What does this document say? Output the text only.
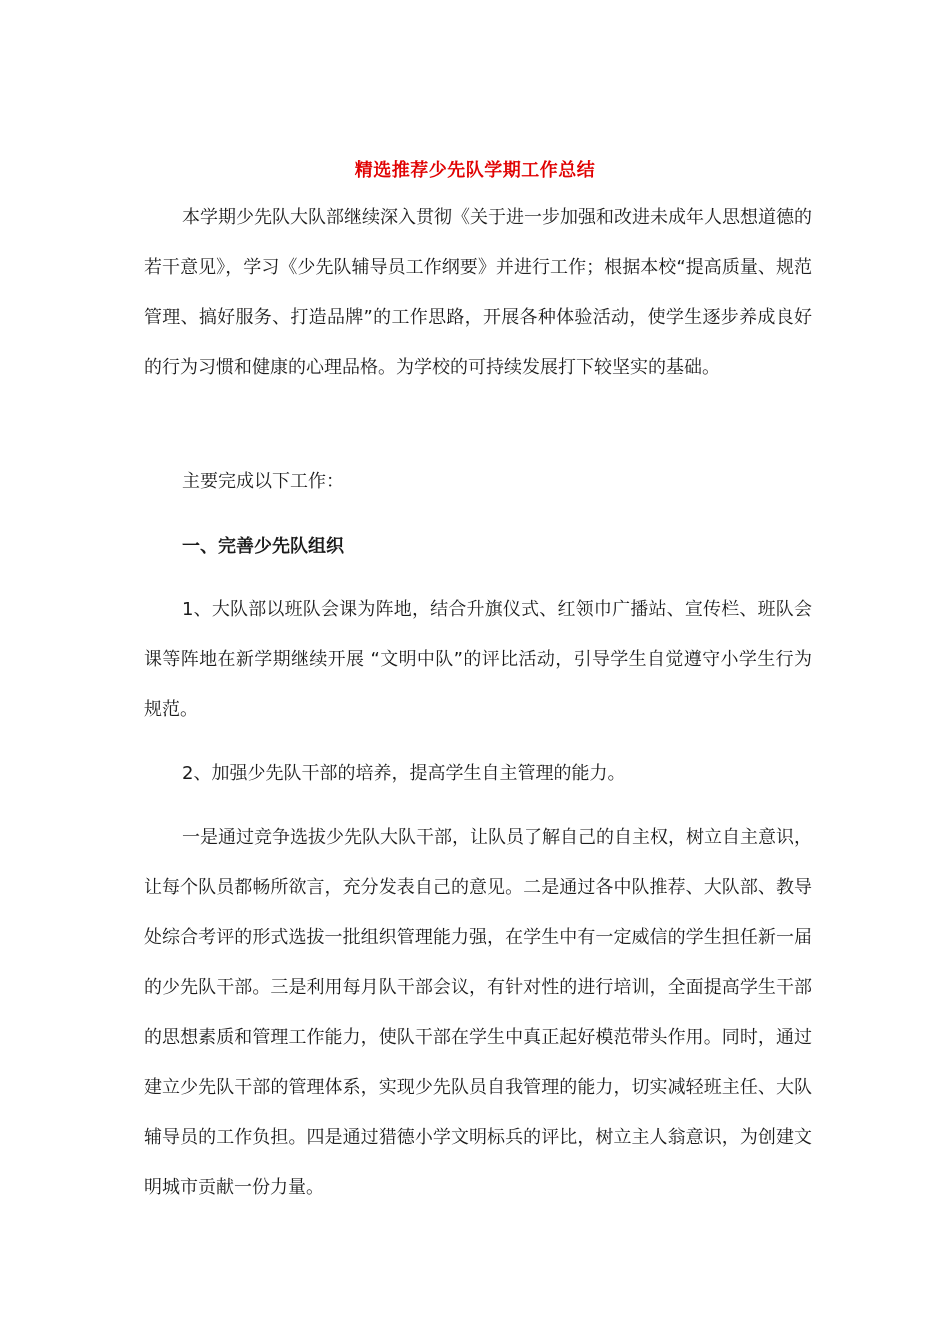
精选推荐少先队学期工作总结

本学期少先队大队部继续深入贯彻《关于进一步加强和改进未成年人思想道德的若干意见》，学习《少先队辅导员工作纲要》并进行工作；根据本校“提高质量、规范管理、搞好服务、打造品牌”的工作思路，开展各种体验活动，使学生逐步养成良好的行为习惯和健康的心理品格。为学校的可持续发展打下较坚实的基础。

主要完成以下工作：

一、完善少先队组织

1、大队部以班队会课为阵地，结合升旗仪式、红领巾广播站、宣传栏、班队会课等阵地在新学期继续开展 “文明中队”的评比活动，引导学生自觉遵守小学生行为规范。

2、加强少先队干部的培养，提高学生自主管理的能力。

一是通过竞争选拔少先队大队干部，让队员了解自己的自主权，树立自主意识，让每个队员都畅所欲言，充分发表自己的意见。二是通过各中队推荐、大队部、教导处综合考评的形式选拔一批组织管理能力强，在学生中有一定威信的学生担任新一届的少先队干部。三是利用每月队干部会议，有针对性的进行培训，全面提高学生干部的思想素质和管理工作能力，使队干部在学生中真正起好模范带头作用。同时，通过建立少先队干部的管理体系，实现少先队员自我管理的能力，切实减轻班主任、大队辅导员的工作负担。四是通过猎德小学文明标兵的评比，树立主人翁意识，为创建文明城市贡献一份力量。
